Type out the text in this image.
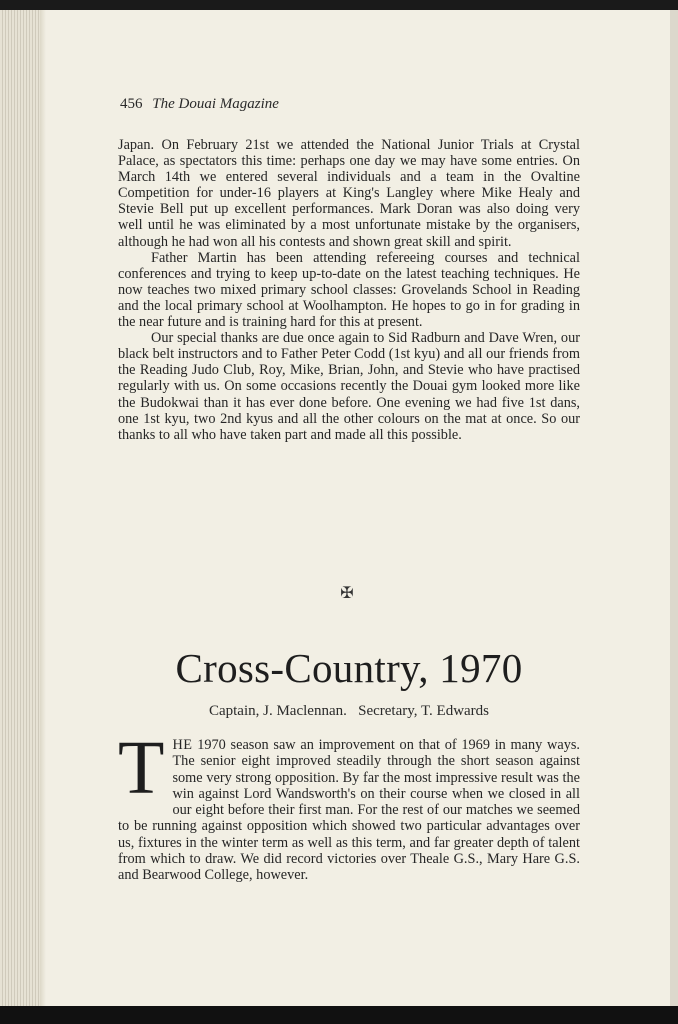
456 The Douai Magazine

Japan. On February 21st we attended the National Junior Trials at Crystal Palace, as spectators this time: perhaps one day we may have some entries. On March 14th we entered several individuals and a team in the Ovaltine Competition for under-16 players at King's Langley where Mike Healy and Stevie Bell put up excellent performances. Mark Doran was also doing very well until he was eliminated by a most unfortunate mistake by the organisers, although he had won all his contests and shown great skill and spirit.

Father Martin has been attending refereeing courses and technical conferences and trying to keep up-to-date on the latest teaching techniques. He now teaches two mixed primary school classes: Grovelands School in Reading and the local primary school at Woolhampton. He hopes to go in for grading in the near future and is training hard for this at present.

Our special thanks are due once again to Sid Radburn and Dave Wren, our black belt instructors and to Father Peter Codd (1st kyu) and all our friends from the Reading Judo Club, Roy, Mike, Brian, John, and Stevie who have practised regularly with us. On some occasions recently the Douai gym looked more like the Budokwai than it has ever done before. One evening we had five 1st dans, one 1st kyu, two 2nd kyus and all the other colours on the mat at once. So our thanks to all who have taken part and made all this possible.

✠
Cross-Country, 1970
Captain, J. Maclennan.   Secretary, T. Edwards
THE 1970 season saw an improvement on that of 1969 in many ways. The senior eight improved steadily through the short season against some very strong opposition. By far the most impressive result was the win against Lord Wandsworth's on their course when we closed in all our eight before their first man. For the rest of our matches we seemed to be running against opposition which showed two particular advantages over us, fixtures in the winter term as well as this term, and far greater depth of talent from which to draw. We did record victories over Theale G.S., Mary Hare G.S. and Bearwood College, however.
